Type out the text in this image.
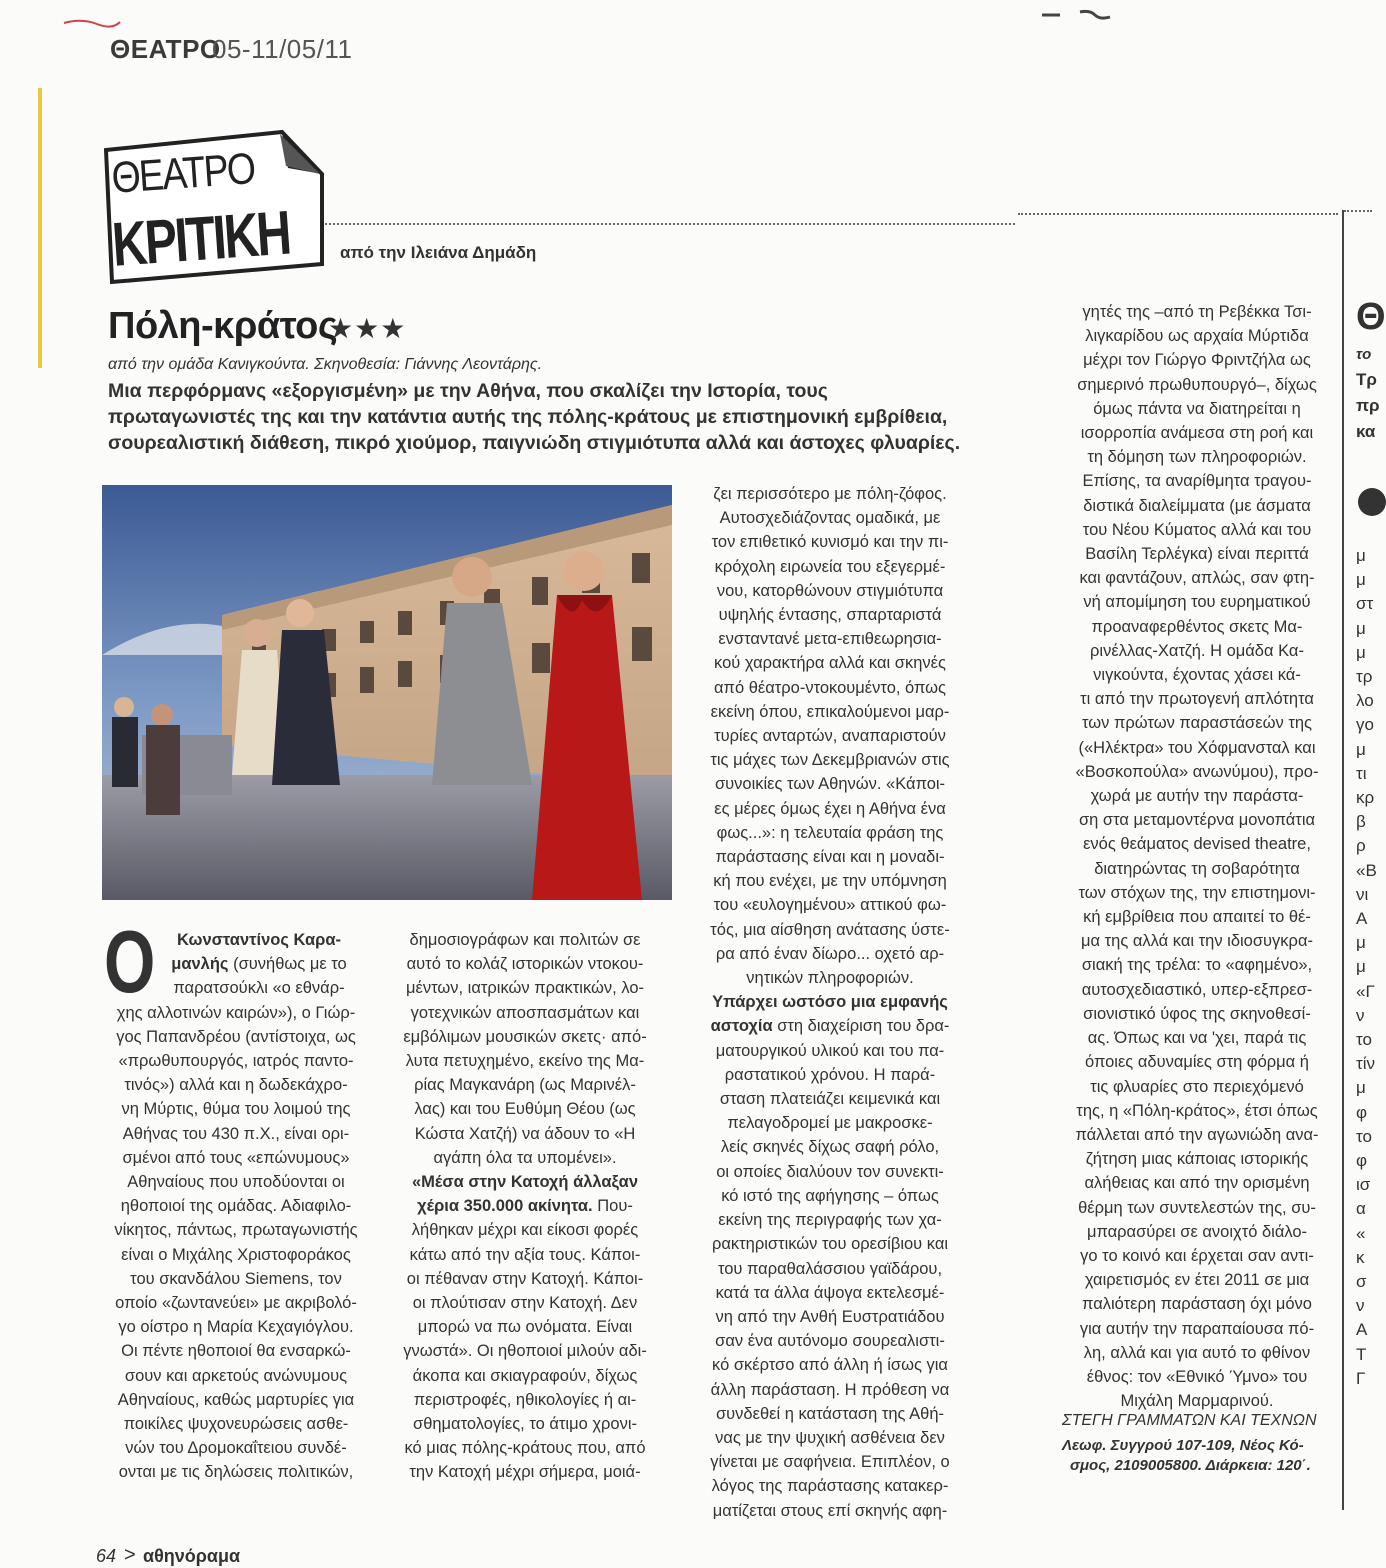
ΘΕΑΤΡΟ
05-11/05/11
ΘΕΑΤΡΟ
ΚΡΙΤΙΚΗ	από την Ιλειάνα Δημάδη
Πόλη-κράτος
★★★
από την ομάδα Κανιγκούντα. Σκηνοθεσία: Γιάννης Λεοντάρης.
Μια περφόρμανς «εξοργισμένη» με την Αθήνα, που σκαλίζει την Ιστορία, τους πρωταγωνιστές της και την κατάντια αυτής της πόλης-κράτους με επιστημονική εμβρίθεια, σουρεαλιστική διάθεση, πικρό χιούμορ, παιγνιώδη στιγμιότυπα αλλά και άστοχες φλυαρίες.
Ο	Κωνσταντίνος Καρα-

μανλής (συνήθως με το

παρατσούκλι «ο εθνάρ-

χης αλλοτινών καιρών»), ο Γιώρ-

γος Παπανδρέου (αντίστοιχα, ως

«πρωθυπουργός, ιατρός παντο-

τινός») αλλά και η δωδεκάχρο-

νη Μύρτις, θύμα του λοιμού της

Αθήνας του 430 π.Χ., είναι ορι-

σμένοι από τους «επώνυμους»

Αθηναίους που υποδύονται οι

ηθοποιοί της ομάδας. Αδιαφιλο-

νίκητος, πάντως, πρωταγωνιστής

είναι ο Μιχάλης Χριστοφοράκος

του σκανδάλου Siemens, τον

οποίο «ζωντανεύει» με ακριβολό-

γο οίστρο η Μαρία Κεχαγιόγλου.

Οι πέντε ηθοποιοί θα ενσαρκώ-

σουν και αρκετούς ανώνυμους

Αθηναίους, καθώς μαρτυρίες για

ποικίλες ψυχονευρώσεις ασθε-

νών του Δρομοκαΐτειου συνδέ-

ονται με τις δηλώσεις πολιτικών,

δημοσιογράφων και πολιτών σε

αυτό το κολάζ ιστορικών ντοκου-

μέντων, ιατρικών πρακτικών, λο-

γοτεχνικών αποσπασμάτων και

εμβόλιμων μουσικών σκετς· από-

λυτα πετυχημένο, εκείνο της Μα-

ρίας Μαγκανάρη (ως Μαρινέλ-

λας) και του Ευθύμη Θέου (ως

Κώστα Χατζή) να άδουν το «Η

αγάπη όλα τα υπομένει».

«Μέσα στην Κατοχή άλλαξαν

χέρια 350.000 ακίνητα. Που-

λήθηκαν μέχρι και είκοσι φορές

κάτω από την αξία τους. Κάποι-

οι πέθαναν στην Κατοχή. Κάποι-

οι πλούτισαν στην Κατοχή. Δεν

μπορώ να πω ονόματα. Είναι

γνωστά». Οι ηθοποιοί μιλούν αδι-

άκοπα και σκιαγραφούν, δίχως

περιστροφές, ηθικολογίες ή αι-

σθηματολογίες, το άτιμο χρονι-

κό μιας πόλης-κράτους που, από

την Κατοχή μέχρι σήμερα, μοιά-

ζει περισσότερο με πόλη-ζόφος.

Αυτοσχεδιάζοντας ομαδικά, με

τον επιθετικό κυνισμό και την πι-

κρόχολη ειρωνεία του εξεγερμέ-

νου, κατορθώνουν στιγμιότυπα

υψηλής έντασης, σπαρταριστά

ενσταντανέ μετα-επιθεωρησια-

κού χαρακτήρα αλλά και σκηνές

από θέατρο-ντοκουμέντο, όπως

εκείνη όπου, επικαλούμενοι μαρ-

τυρίες ανταρτών, αναπαριστούν

τις μάχες των Δεκεμβριανών στις

συνοικίες των Αθηνών. «Κάποι-

ες μέρες όμως έχει η Αθήνα ένα

φως...»: η τελευταία φράση της

παράστασης είναι και η μοναδι-

κή που ενέχει, με την υπόμνηση

του «ευλογημένου» αττικού φω-

τός, μια αίσθηση ανάτασης ύστε-

ρα από έναν δίωρο... οχετό αρ-

νητικών πληροφοριών.

Υπάρχει ωστόσο μια εμφανής

αστοχία στη διαχείριση του δρα-

ματουργικού υλικού και του πα-

ραστατικού χρόνου. Η παρά-

σταση πλατειάζει κειμενικά και

πελαγοδρομεί με μακροσκε-

λείς σκηνές δίχως σαφή ρόλο,

οι οποίες διαλύουν τον συνεκτι-

κό ιστό της αφήγησης – όπως

εκείνη της περιγραφής των χα-

ρακτηριστικών του ορεσίβιου και

του παραθαλάσσιου γαϊδάρου,

κατά τα άλλα άψογα εκτελεσμέ-

νη από την Ανθή Ευστρατιάδου

σαν ένα αυτόνομο σουρεαλιστι-

κό σκέρτσο από άλλη ή ίσως για

άλλη παράσταση. Η πρόθεση να

συνδεθεί η κατάσταση της Αθή-

νας με την ψυχική ασθένεια δεν

γίνεται με σαφήνεια. Επιπλέον, ο

λόγος της παράστασης κατακερ-

ματίζεται στους επί σκηνής αφη-

γητές της –από τη Ρεβέκκα Τσι-

λιγκαρίδου ως αρχαία Μύρτιδα

μέχρι τον Γιώργο Φριντζήλα ως

σημερινό πρωθυπουργό–, δίχως

όμως πάντα να διατηρείται η

ισορροπία ανάμεσα στη ροή και

τη δόμηση των πληροφοριών.

Επίσης, τα αναρίθμητα τραγου-

διστικά διαλείμματα (με άσματα

του Νέου Κύματος αλλά και του

Βασίλη Τερλέγκα) είναι περιττά

και φαντάζουν, απλώς, σαν φτη-

νή απομίμηση του ευρηματικού

προαναφερθέντος σκετς Μα-

ρινέλλας-Χατζή. Η ομάδα Κα-

νιγκούντα, έχοντας χάσει κά-

τι από την πρωτογενή απλότητα

των πρώτων παραστάσεών της

(«Ηλέκτρα» του Χόφμανσταλ και

«Βοσκοπούλα» ανωνύμου), προ-

χωρά με αυτήν την παράστα-

ση στα μεταμοντέρνα μονοπάτια

ενός θεάματος devised theatre,

διατηρώντας τη σοβαρότητα

των στόχων της, την επιστημονι-

κή εμβρίθεια που απαιτεί το θέ-

μα της αλλά και την ιδιοσυγκρα-

σιακή της τρέλα: το «αφημένο»,

αυτοσχεδιαστικό, υπερ-εξπρεσ-

σιονιστικό ύφος της σκηνοθεσί-

ας. Όπως και να 'χει, παρά τις

όποιες αδυναμίες στη φόρμα ή

τις φλυαρίες στο περιεχόμενό

της, η «Πόλη-κράτος», έτσι όπως

πάλλεται από την αγωνιώδη ανα-

ζήτηση μιας κάποιας ιστορικής

αλήθειας και από την ορισμένη

θέρμη των συντελεστών της, συ-

μπαρασύρει σε ανοιχτό διάλο-

γο το κοινό και έρχεται σαν αντι-

χαιρετισμός εν έτει 2011 σε μια

παλιότερη παράσταση όχι μόνο

για αυτήν την παραπαίουσα πό-

λη, αλλά και για αυτό το φθίνον

έθνος: τον «Εθνικό Ύμνο» του

Μιχάλη Μαρμαρινού.

ΣΤΕΓΗ ΓΡΑΜΜΑΤΩΝ ΚΑΙ ΤΕΧΝΩΝ
Λεωφ. Συγγρού 107-109, Νέος Κό-
σμος, 2109005800. Διάρκεια: 120΄.
64 > αθηνόραμα
Θ
το
Τρ
πρ
κα
μ
μ
στ
μ
μ
τρ
λο
γο
μ
τι
κρ
β
ρ
«Β
νι
Α
μ
μ
«Γ
ν
το
τίν
μ
φ
το
φ
ισ
α
«
κ
σ
ν
Α
Τ
Γ
